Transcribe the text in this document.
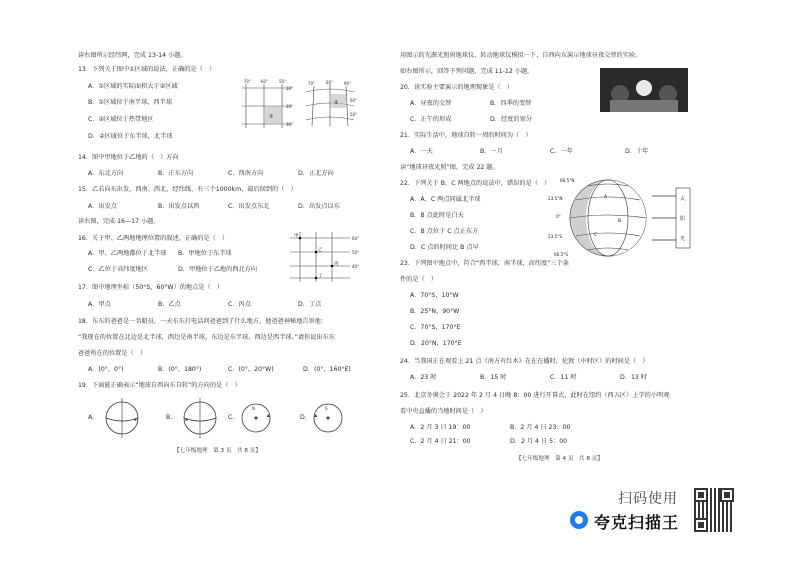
读右图所示经纬网，完成 13-14 小题。
13．下列关于图中①区域的说法，正确的是（　）
A．①区域的实际面积大于②区域
B．①区域位于南半球，西半球
C．②区域位于热带地区
D．②区域位于东半球，北半球
70° 60°	50°
10°
20°
30°
①
70°	80°	90°
60°
50°
②
14．图中甲地位于乙地的（　）方向
A．东北方向	B．正东方向	C．西南方向	D．正北方向
15．乙若向东出发，西南、西北、经纬线、有三个1000km，最后回到的（　）
A．出发点	B．出发点以西	C．出发点东北	D．出发点以东
读右图，完成 16—17 小题。
16．关于甲、乙两地地理位置的叙述，正确的是（　）
A．甲、乙两地都位于北半球 B．甲地位于东半球
C．乙位于高纬度地区	D．甲地位于乙地的西北方向
甲
乙
丙
丁
60°
50°
40°
17．图中地理坐标（50°S，60°W）的地点是（　）
A．甲点	B．乙点	C．丙点	D．丁点
18．东东的爸爸是一名船员，一天东东打电话问爸爸到了什么地方，他爸爸神秘地告诉他：
“我现在的位置在北边是北半球，西边是南半球，东边是东半球，西边是西半球。”请你说出东东
爸爸所在的位置是（　）
A．(0°，0°)	B．(0°，180°)	C．(0°，20°W)	D．(0°，160°E)
19．下面能正确表示“地球自西向东自转”的方向的是（　）
A.	B.	C.	D.
N	S
【七年级地理　第 3 页　共 8 页】
用图示的光源光照射地球仪，转动地球仪模拟一下，自西向东演示地球昼夜交替的实验。
如右图所示，回答下列问题，完成 11-12 小题。
20．该实验主要演示的地理现象是（　）
A．昼夜的交替	B．四季的变替
C．正午的形成	D．经度的划分
21．实际生活中，地球自转一周的时间为（　）
A．一天	B．一月	C．一年	D．十年
读“地球昼夜光照”图，完成 22 题。
22．下列关于 B、C 两地点的说法中，错误的是（　）
A．A、C 两点同属北半球
B．B 点此时是白天
C．B 点位于 C 点正东方
D．C 点的时间比 B 点早
太
阳
光
66.5°N
23.5°N
0°
23.5°S
66.5°S
A
B
C
23．下列图中地点中，符合“西半球，南半球，高纬度”三个条
件的是（　）
A．70°S，10°W
B．25°N，90°W
C．70°S，170°E
D．20°N，170°E
24．当我国正在观看上 21 点《南方有红木》在在在播时，伦敦（中时区）的时间是（　）
A．23 时	B．15 时	C．11 时	D．13 时
25．北京冬奥会于 2022 年 2 月 4 日晚 8：00 进行开幕式，此时在纽约（西五区）上学的小明观
看中央直播的当地时间是（　）
A．2 月 3 日 19：00	B．2 月 4 日 23：00
C．2 月 4 日 21：00	D．2 月 4 日 5：00
【七年级地理　第 4 页　共 8 页】
扫码使用
夸克扫描王
